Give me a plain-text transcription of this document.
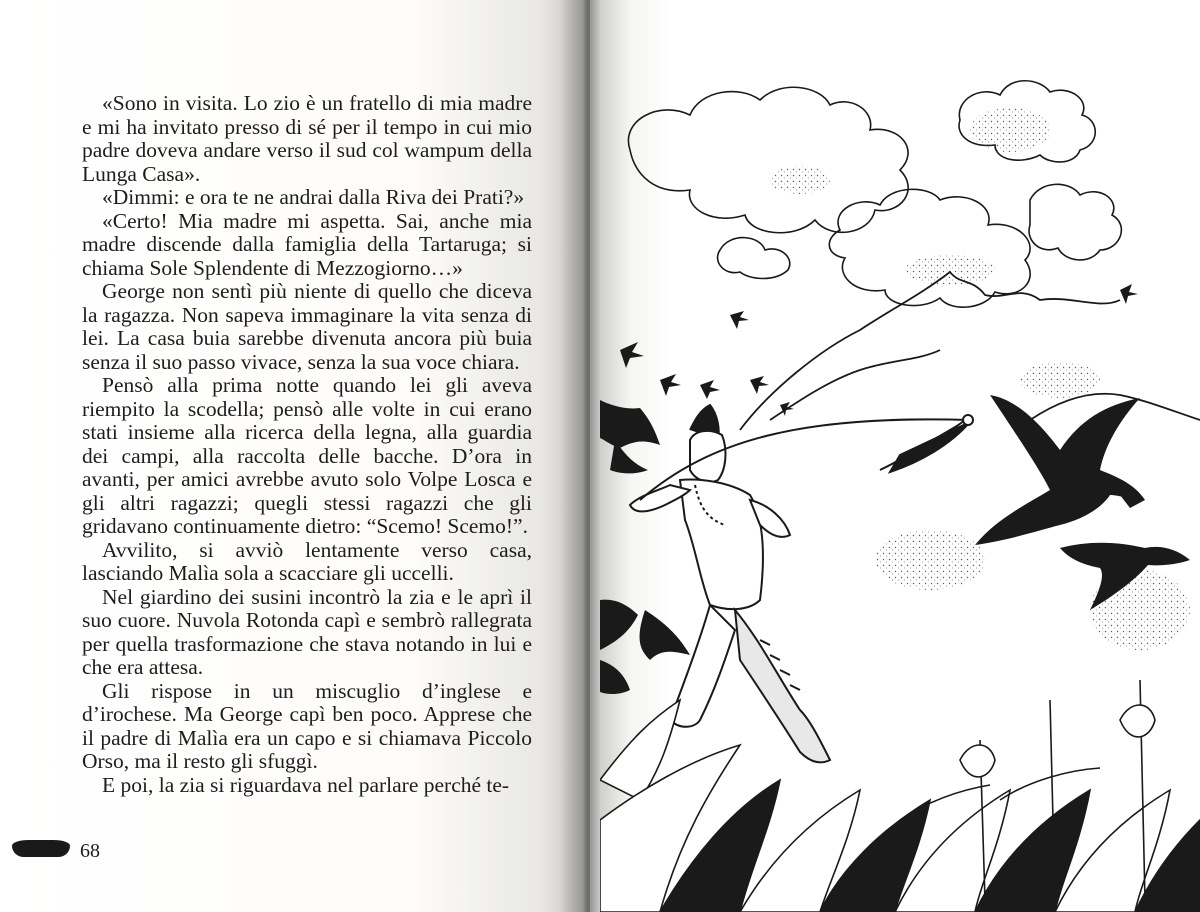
«Sono in visita. Lo zio è un fratello di mia madre e mi ha invitato presso di sé per il tempo in cui mio padre doveva andare verso il sud col wampum della Lunga Casa».

«Dimmi: e ora te ne andrai dalla Riva dei Prati?»

«Certo! Mia madre mi aspetta. Sai, anche mia madre discende dalla famiglia della Tartaruga; si chiama Sole Splendente di Mezzogiorno…»

George non sentì più niente di quello che diceva la ragazza. Non sapeva immaginare la vita senza di lei. La casa buia sarebbe divenuta ancora più buia senza il suo passo vivace, senza la sua voce chiara.

Pensò alla prima notte quando lei gli aveva riempito la scodella; pensò alle volte in cui erano stati insieme alla ricerca della legna, alla guardia dei campi, alla raccolta delle bacche. D’ora in avanti, per amici avrebbe avuto solo Volpe Losca e gli altri ragazzi; quegli stessi ragazzi che gli gridavano continuamente dietro: “Scemo! Scemo!”.

Avvilito, si avviò lentamente verso casa, lasciando Malìa sola a scacciare gli uccelli.

Nel giardino dei susini incontrò la zia e le aprì il suo cuore. Nuvola Rotonda capì e sembrò rallegrata per quella trasformazione che stava notando in lui e che era attesa.

Gli rispose in un miscuglio d’inglese e d’irochese. Ma George capì ben poco. Apprese che il padre di Malìa era un capo e si chiamava Piccolo Orso, ma il resto gli sfuggì.

E poi, la zia si riguardava nel parlare perché te-

68
